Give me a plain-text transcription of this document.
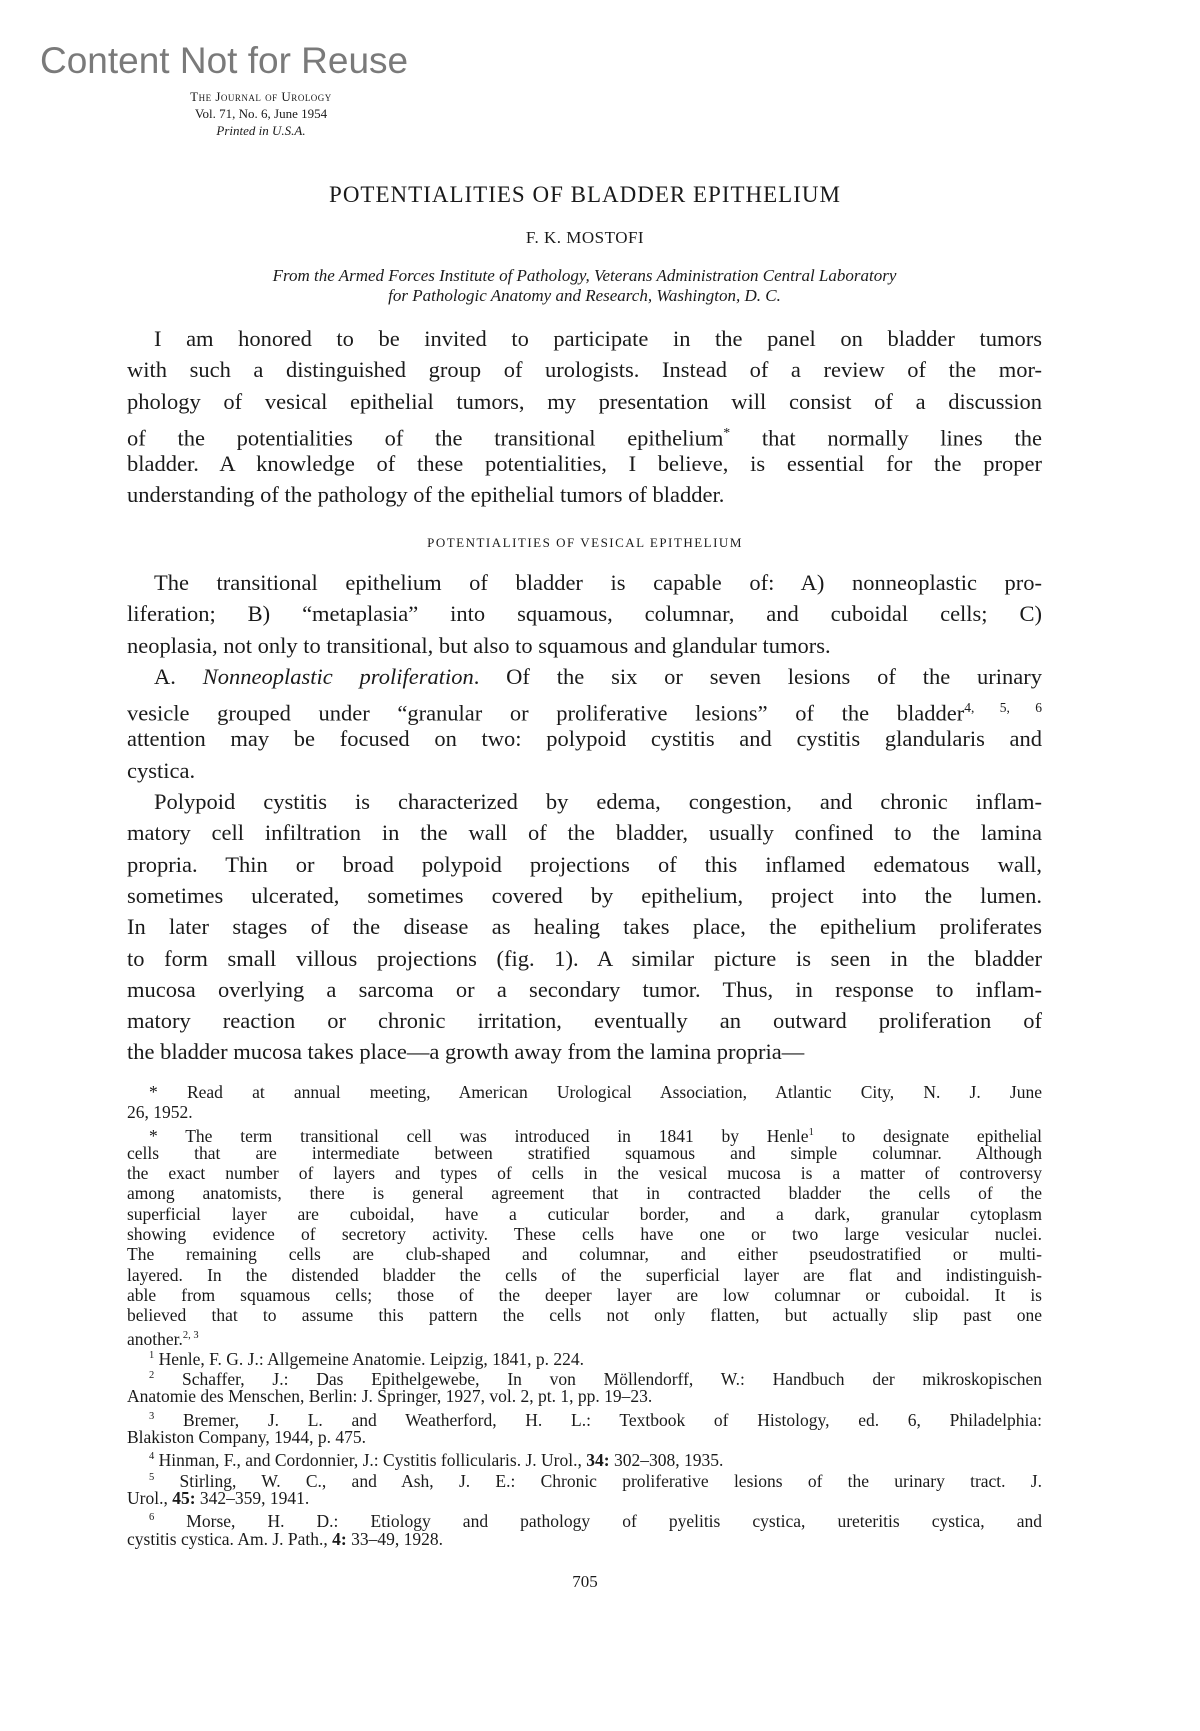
Content Not for Reuse
The Journal of Urology
Vol. 71, No. 6, June 1954
Printed in U.S.A.
POTENTIALITIES OF BLADDER EPITHELIUM
F. K. MOSTOFI
From the Armed Forces Institute of Pathology, Veterans Administration Central Laboratory
for Pathologic Anatomy and Research, Washington, D. C.
I am honored to be invited to participate in the panel on bladder tumors
with such a distinguished group of urologists. Instead of a review of the mor-
phology of vesical epithelial tumors, my presentation will consist of a discussion
of the potentialities of the transitional epithelium* that normally lines the
bladder. A knowledge of these potentialities, I believe, is essential for the proper
understanding of the pathology of the epithelial tumors of bladder.
POTENTIALITIES OF VESICAL EPITHELIUM
The transitional epithelium of bladder is capable of: A) nonneoplastic pro-
liferation; B) “metaplasia” into squamous, columnar, and cuboidal cells; C)
neoplasia, not only to transitional, but also to squamous and glandular tumors.
A. Nonneoplastic proliferation. Of the six or seven lesions of the urinary
vesicle grouped under “granular or proliferative lesions” of the bladder$^{4, 5, 6}$
attention may be focused on two: polypoid cystitis and cystitis glandularis and
cystica.
Polypoid cystitis is characterized by edema, congestion, and chronic inflam-
matory cell infiltration in the wall of the bladder, usually confined to the lamina
propria. Thin or broad polypoid projections of this inflamed edematous wall,
sometimes ulcerated, sometimes covered by epithelium, project into the lumen.
In later stages of the disease as healing takes place, the epithelium proliferates
to form small villous projections (fig. 1). A similar picture is seen in the bladder
mucosa overlying a sarcoma or a secondary tumor. Thus, in response to inflam-
matory reaction or chronic irritation, eventually an outward proliferation of
the bladder mucosa takes place—a growth away from the lamina propria—
* Read at annual meeting, American Urological Association, Atlantic City, N. J. June
26, 1952.
* The term transitional cell was introduced in 1841 by Henle$^1$ to designate epithelial
cells that are intermediate between stratified squamous and simple columnar. Although
the exact number of layers and types of cells in the vesical mucosa is a matter of controversy
among anatomists, there is general agreement that in contracted bladder the cells of the
superficial layer are cuboidal, have a cuticular border, and a dark, granular cytoplasm
showing evidence of secretory activity. These cells have one or two large vesicular nuclei.
The remaining cells are club-shaped and columnar, and either pseudostratified or multi-
layered. In the distended bladder the cells of the superficial layer are flat and indistinguish-
able from squamous cells; those of the deeper layer are low columnar or cuboidal. It is
believed that to assume this pattern the cells not only flatten, but actually slip past one
another.$^{2, 3}$
$^1$ Henle, F. G. J.: Allgemeine Anatomie. Leipzig, 1841, p. 224.
$^2$ Schaffer, J.: Das Epithelgewebe, In von Möllendorff, W.: Handbuch der mikroskopischen
Anatomie des Menschen, Berlin: J. Springer, 1927, vol. 2, pt. 1, pp. 19–23.
$^3$ Bremer, J. L. and Weatherford, H. L.: Textbook of Histology, ed. 6, Philadelphia:
Blakiston Company, 1944, p. 475.
$^4$ Hinman, F., and Cordonnier, J.: Cystitis follicularis. J. Urol., 34: 302–308, 1935.
$^5$ Stirling, W. C., and Ash, J. E.: Chronic proliferative lesions of the urinary tract. J.
Urol., 45: 342–359, 1941.
$^6$ Morse, H. D.: Etiology and pathology of pyelitis cystica, ureteritis cystica, and
cystitis cystica. Am. J. Path., 4: 33–49, 1928.
705
